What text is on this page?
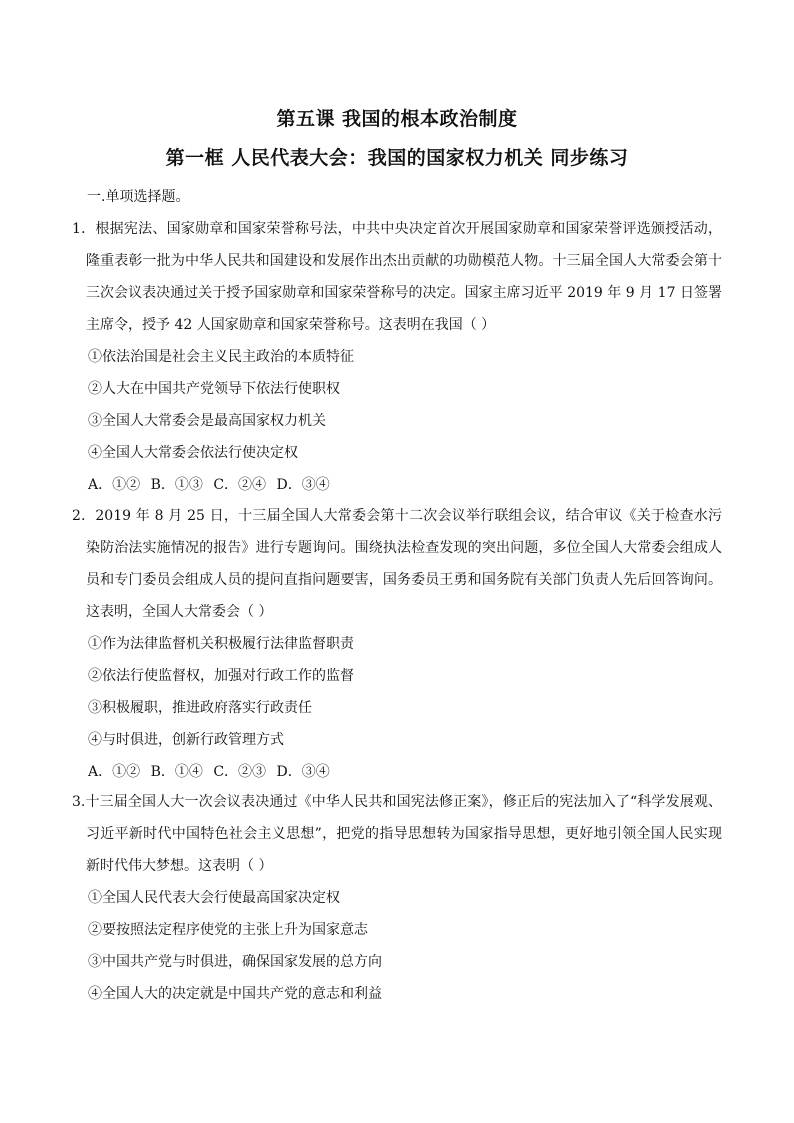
第五课 我国的根本政治制度
第一框 人民代表大会：我国的国家权力机关 同步练习
一.单项选择题。
1．根据宪法、国家勋章和国家荣誉称号法，中共中央决定首次开展国家勋章和国家荣誉评选颁授活动，隆重表彰一批为中华人民共和国建设和发展作出杰出贡献的功勋模范人物。十三届全国人大常委会第十三次会议表决通过关于授予国家勋章和国家荣誉称号的决定。国家主席习近平 2019 年 9 月 17 日签署主席令，授予 42 人国家勋章和国家荣誉称号。这表明在我国（ ）
①依法治国是社会主义民主政治的本质特征
②人大在中国共产党领导下依法行使职权
③全国人大常委会是最高国家权力机关
④全国人大常委会依法行使决定权
A．①② B．①③ C．②④ D．③④
2．2019 年 8 月 25 日，十三届全国人大常委会第十二次会议举行联组会议，结合审议《关于检查水污染防治法实施情况的报告》进行专题询问。围绕执法检查发现的突出问题，多位全国人大常委会组成人员和专门委员会组成人员的提问直指问题要害，国务委员王勇和国务院有关部门负责人先后回答询问。这表明，全国人大常委会（ ）
①作为法律监督机关积极履行法律监督职责
②依法行使监督权，加强对行政工作的监督
③积极履职，推进政府落实行政责任
④与时俱进，创新行政管理方式
A．①② B．①④ C．②③ D．③④
3.十三届全国人大一次会议表决通过《中华人民共和国宪法修正案》，修正后的宪法加入了“科学发展观、习近平新时代中国特色社会主义思想”，把党的指导思想转为国家指导思想，更好地引领全国人民实现新时代伟大梦想。这表明（ ）
①全国人民代表大会行使最高国家决定权
②要按照法定程序使党的主张上升为国家意志
③中国共产党与时俱进，确保国家发展的总方向
④全国人大的决定就是中国共产党的意志和利益
